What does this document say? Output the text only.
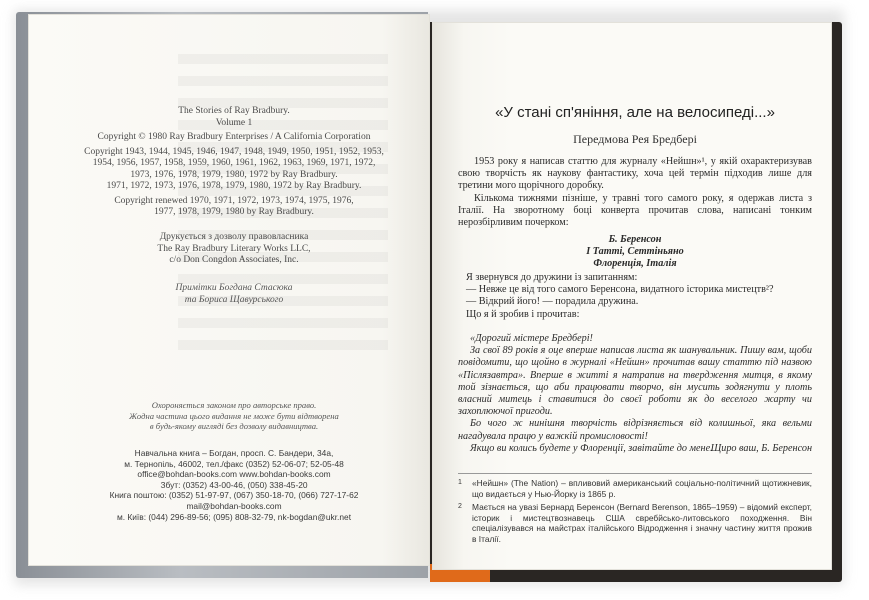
The Stories of Ray Bradbury.

Volume 1

Copyright © 1980 Ray Bradbury Enterprises / A California Corporation

Copyright 1943, 1944, 1945, 1946, 1947, 1948, 1949, 1950, 1951, 1952, 1953,

1954, 1956, 1957, 1958, 1959, 1960, 1961, 1962, 1963, 1969, 1971, 1972,

1973, 1976, 1978, 1979, 1980, 1972 by Ray Bradbury.

1971, 1972, 1973, 1976, 1978, 1979, 1980, 1972 by Ray Bradbury.

Copyright renewed 1970, 1971, 1972, 1973, 1974, 1975, 1976,

1977, 1978, 1979, 1980 by Ray Bradbury.

Друкується з дозволу правовласника

The Ray Bradbury Literary Works LLC,

c/o Don Congdon Associates, Inc.

Примітки Богдана Стасюка
та Бориса Щавурського
Охороняється законом про авторське право.
Жодна частина цього видання не може бути відтворена
в будь-якому вигляді без дозволу видавництва.

Навчальна книга – Богдан, просп. С. Бандери, 34а,

м. Тернопіль, 46002, тел./факс (0352) 52-06-07; 52-05-48

office@bohdan-books.com www.bohdan-books.com

Збут: (0352) 43-00-46, (050) 338-45-20

Книга поштою: (0352) 51-97-97, (067) 350-18-70, (066) 727-17-62

mail@bohdan-books.com

м. Київ: (044) 296-89-56; (095) 808-32-79, nk-bogdan@ukr.net

«У стані сп'яніння, але на велосипеді...»
Передмова Рея Бредбері

1953 року я написав статтю для журналу «Нейшн»¹, у якій охарактеризував свою творчість як наукову фантастику, хоча цей термін підходив лише для третини мого щорічного доробку.

Кількома тижнями пізніше, у травні того самого року, я одержав листа з Італії. На зворотному боці конверта прочитав слова, написані тонким нерозбірливим почерком:

Б. Беренсон

І Татті, Сеттіньяно

Флоренція, Італія

Я звернувся до дружини із запитанням:

— Невже це від того самого Беренсона, видатного історика мистецтв²?

— Відкрий його! — порадила дружина.

Що я й зробив і прочитав:

«Дорогий містере Бредбері!

За свої 89 років я оце вперше написав листа як шанувальник. Пишу вам, щоби повідомити, що щойно в журналі «Нейшн» прочитав вашу статтю під назвою «Післязавтра». Вперше в житті я натрапив на твердження митця, в якому той зізнається, що аби працювати творчо, він мусить зодягнути у плоть власний митець і ставитися до своєї роботи як до веселого жарту чи захоплюючої пригоди.

Бо чого ж нинішня творчість відрізняється від колишньої, яка вельми нагадувала працю у важкій промисловості!

Якщо ви колись будете у Флоренції, завітайте до мене.

Щиро ваш, Б. Беренсон
1	«Нейшн» (The Nation) – впливовий американський соціально-політичний щотижневик, що видається у Нью-Йорку із 1865 р.
2	Мається на увазі Бернард Беренсон (Bernard Berenson, 1865–1959) – відомий експерт, історик і мистецтвознавець США свребйсько-литовського походження. Він спеціалізувався на майстрах італійського Відродження і значну частину життя прожив в Італії.
